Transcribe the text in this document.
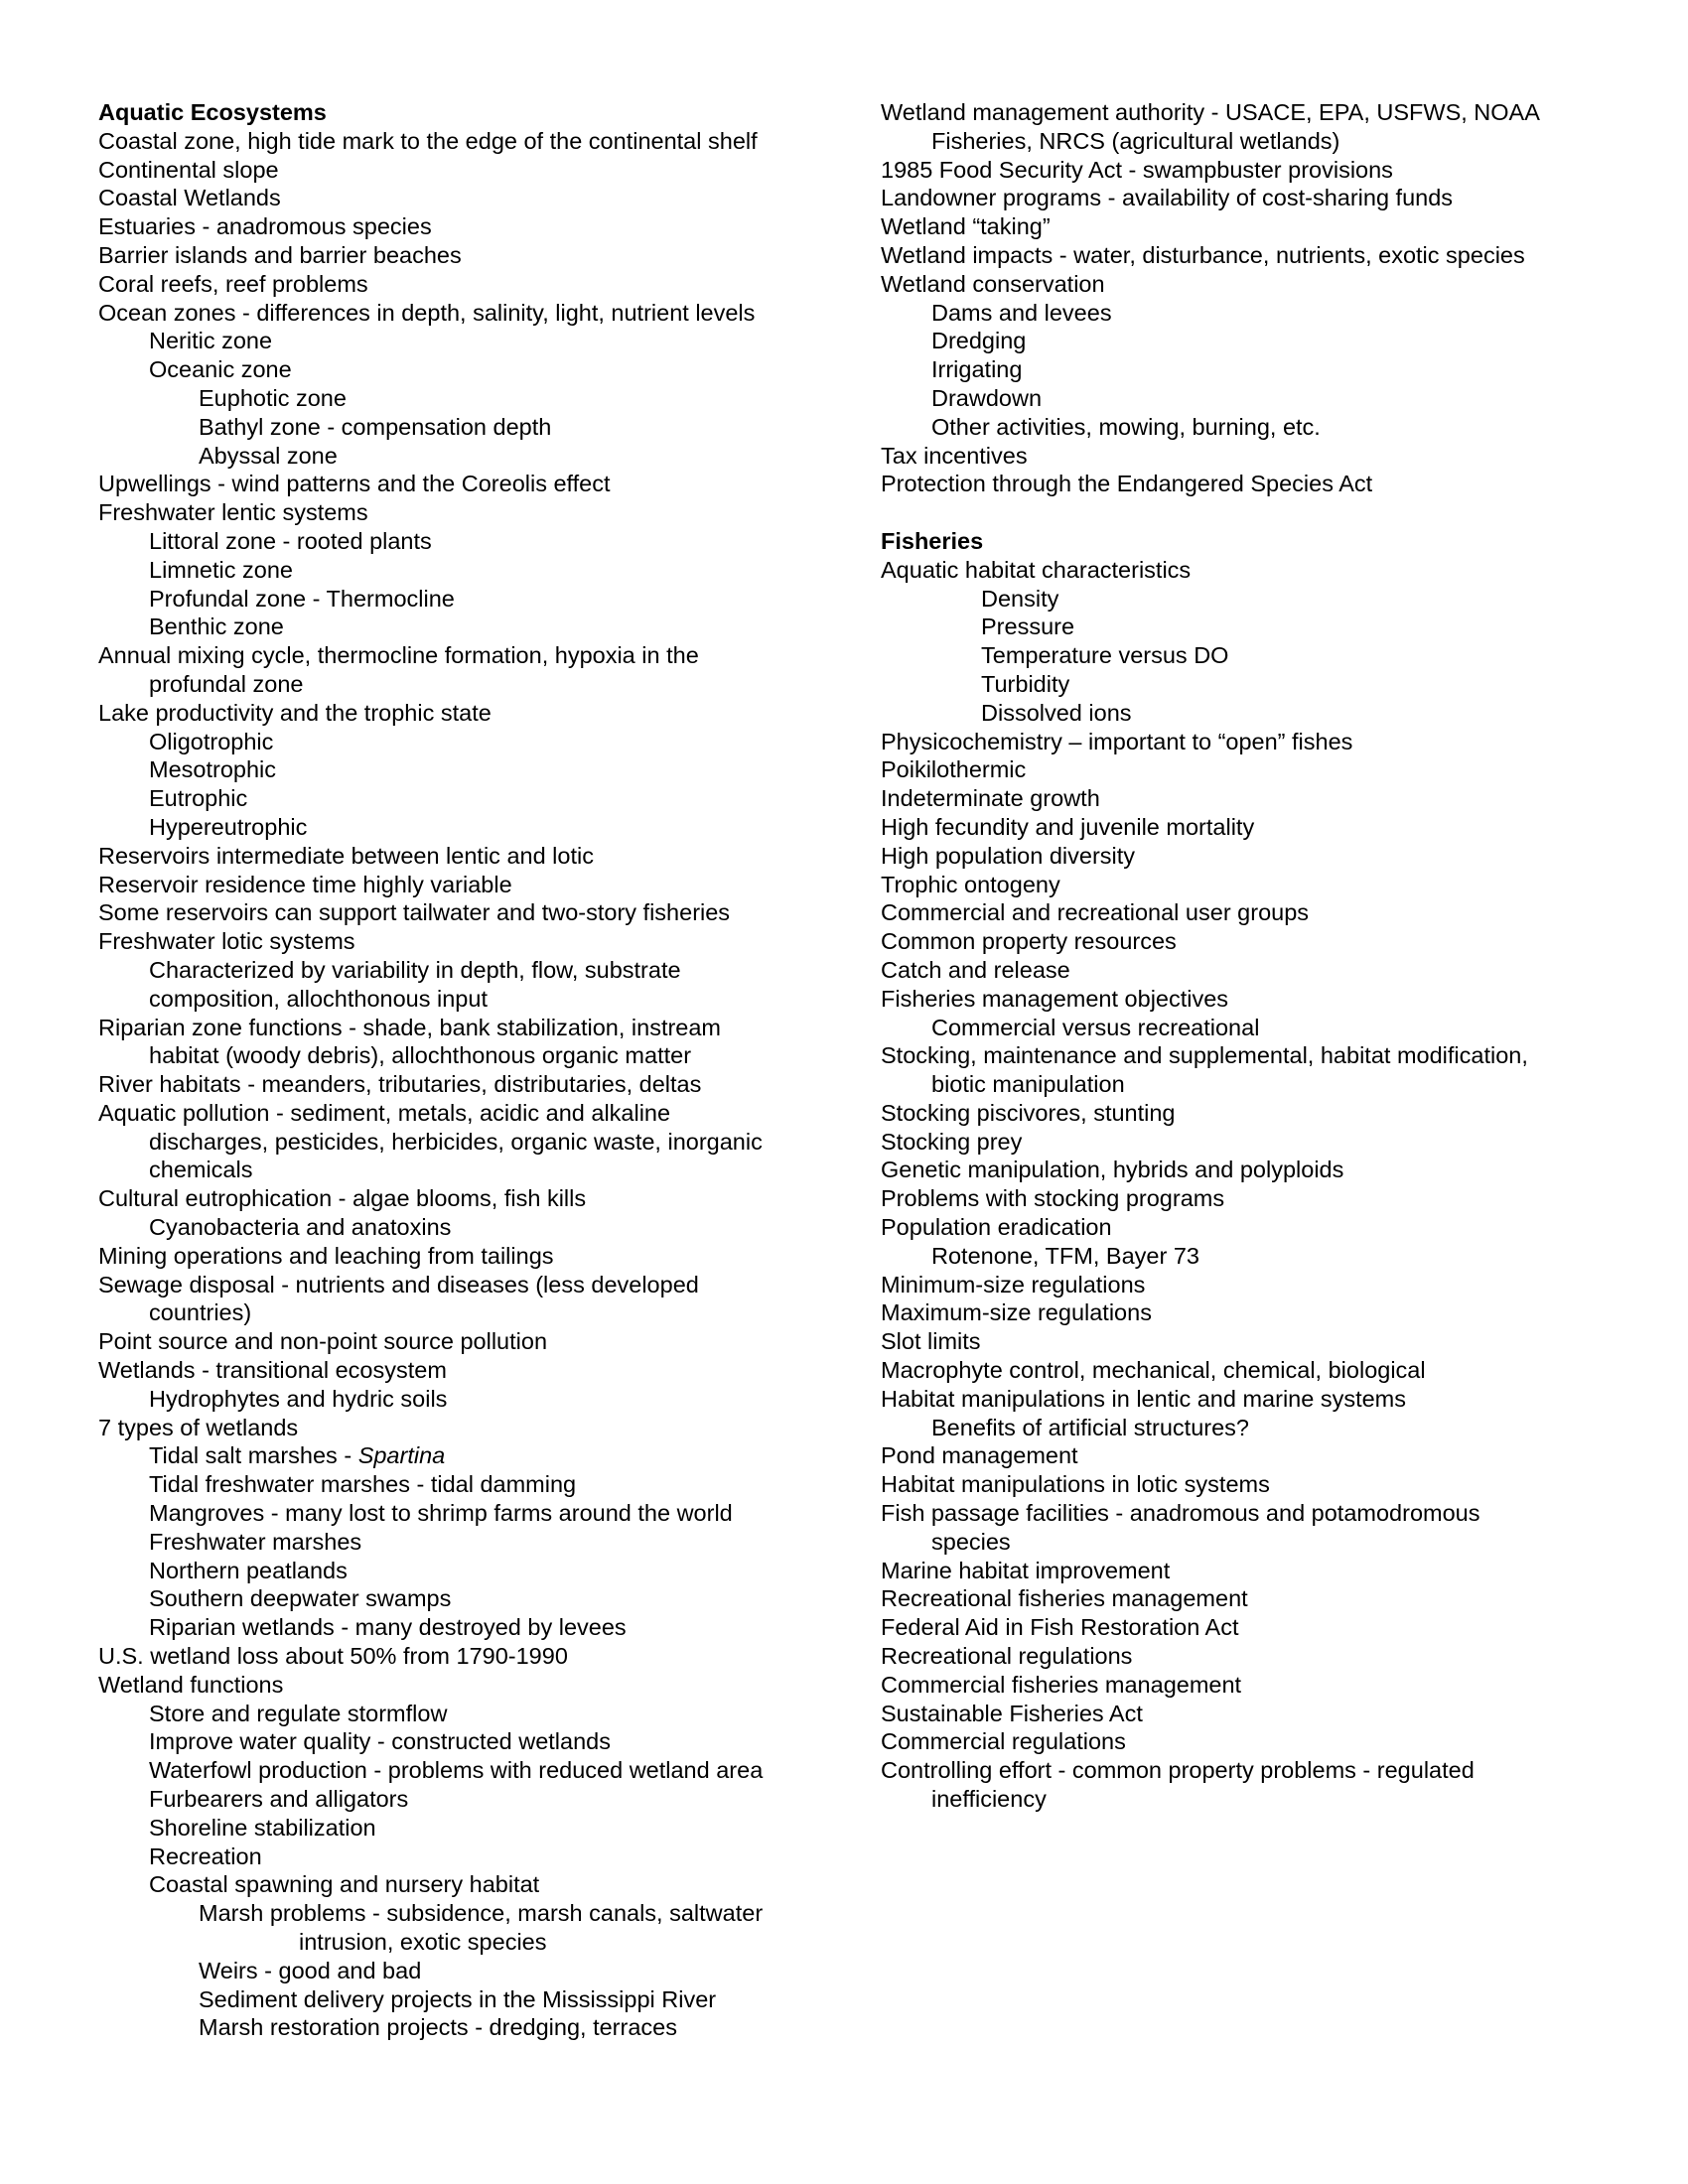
Aquatic Ecosystems
Coastal zone, high tide mark to the edge of the continental shelf
Continental slope
Coastal Wetlands
Estuaries - anadromous species
Barrier islands and barrier beaches
Coral reefs, reef problems
Ocean zones - differences in depth, salinity, light, nutrient levels
Neritic zone
Oceanic zone
Euphotic zone
Bathyl zone - compensation depth
Abyssal zone
Upwellings - wind patterns and the Coreolis effect
Freshwater lentic systems
Littoral zone - rooted plants
Limnetic zone
Profundal zone - Thermocline
Benthic zone
Annual mixing cycle, thermocline formation, hypoxia in the
profundal zone
Lake productivity and the trophic state
Oligotrophic
Mesotrophic
Eutrophic
Hypereutrophic
Reservoirs intermediate between lentic and lotic
Reservoir residence time highly variable
Some reservoirs can support tailwater and two-story fisheries
Freshwater lotic systems
Characterized by variability in depth, flow, substrate
composition, allochthonous input
Riparian zone functions - shade, bank stabilization, instream
habitat (woody debris), allochthonous organic matter
River habitats - meanders, tributaries, distributaries, deltas
Aquatic pollution - sediment, metals, acidic and alkaline
discharges, pesticides, herbicides, organic waste, inorganic
chemicals
Cultural eutrophication - algae blooms, fish kills
Cyanobacteria and anatoxins
Mining operations and leaching from tailings
Sewage disposal - nutrients and diseases (less developed
countries)
Point source and non-point source pollution
Wetlands - transitional ecosystem
Hydrophytes and hydric soils
7 types of wetlands
Tidal salt marshes - Spartina
Tidal freshwater marshes - tidal damming
Mangroves - many lost to shrimp farms around the world
Freshwater marshes
Northern peatlands
Southern deepwater swamps
Riparian wetlands - many destroyed by levees
U.S. wetland loss about 50% from 1790-1990
Wetland functions
Store and regulate stormflow
Improve water quality - constructed wetlands
Waterfowl production - problems with reduced wetland area
Furbearers and alligators
Shoreline stabilization
Recreation
Coastal spawning and nursery habitat
Marsh problems - subsidence, marsh canals, saltwater
intrusion, exotic species
Weirs - good and bad
Sediment delivery projects in the Mississippi River
Marsh restoration projects - dredging, terraces
Wetland management authority - USACE, EPA, USFWS, NOAA
Fisheries, NRCS (agricultural wetlands)
1985 Food Security Act - swampbuster provisions
Landowner programs - availability of cost-sharing funds
Wetland “taking”
Wetland impacts - water, disturbance, nutrients, exotic species
Wetland conservation
Dams and levees
Dredging
Irrigating
Drawdown
Other activities, mowing, burning, etc.
Tax incentives
Protection through the Endangered Species Act
Fisheries
Aquatic habitat characteristics
Density
Pressure
Temperature versus DO
Turbidity
Dissolved ions
Physicochemistry – important to “open” fishes
Poikilothermic
Indeterminate growth
High fecundity and juvenile mortality
High population diversity
Trophic ontogeny
Commercial and recreational user groups
Common property resources
Catch and release
Fisheries management objectives
Commercial versus recreational
Stocking, maintenance and supplemental, habitat modification,
biotic manipulation
Stocking piscivores, stunting
Stocking prey
Genetic manipulation, hybrids and polyploids
Problems with stocking programs
Population eradication
Rotenone, TFM, Bayer 73
Minimum-size regulations
Maximum-size regulations
Slot limits
Macrophyte control, mechanical, chemical, biological
Habitat manipulations in lentic and marine systems
Benefits of artificial structures?
Pond management
Habitat manipulations in lotic systems
Fish passage facilities - anadromous and potamodromous
species
Marine habitat improvement
Recreational fisheries management
Federal Aid in Fish Restoration Act
Recreational regulations
Commercial fisheries management
Sustainable Fisheries Act
Commercial regulations
Controlling effort - common property problems - regulated
inefficiency
